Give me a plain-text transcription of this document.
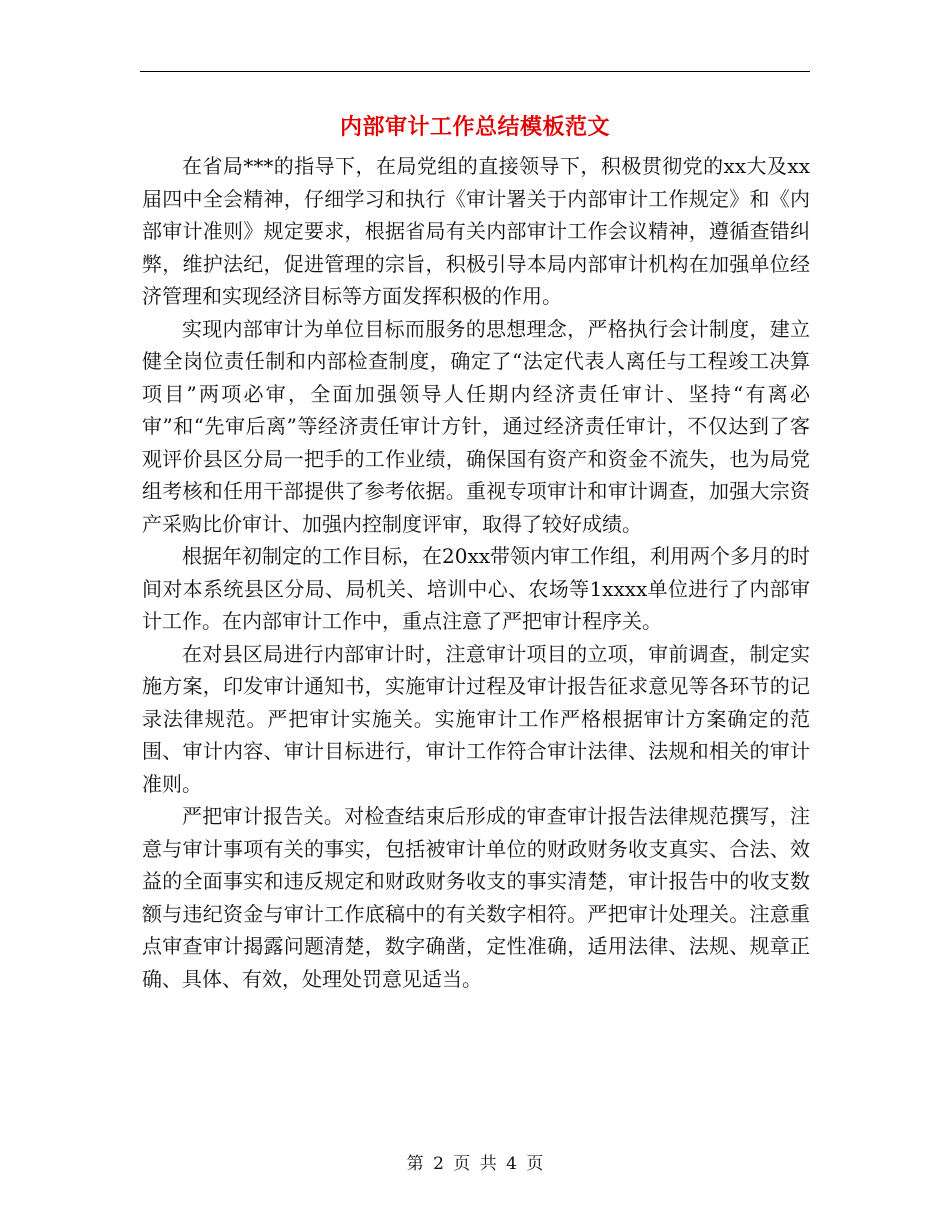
内部审计工作总结模板范文

在省局***的指导下，在局党组的直接领导下，积极贯彻党的xx大及xx届四中全会精神，仔细学习和执行《审计署关于内部审计工作规定》和《内部审计准则》规定要求，根据省局有关内部审计工作会议精神，遵循查错纠弊，维护法纪，促进管理的宗旨，积极引导本局内部审计机构在加强单位经济管理和实现经济目标等方面发挥积极的作用。

实现内部审计为单位目标而服务的思想理念，严格执行会计制度，建立健全岗位责任制和内部检查制度，确定了“法定代表人离任与工程竣工决算项目”两项必审，全面加强领导人任期内经济责任审计、坚持“有离必审”和“先审后离”等经济责任审计方针，通过经济责任审计，不仅达到了客观评价县区分局一把手的工作业绩，确保国有资产和资金不流失，也为局党组考核和任用干部提供了参考依据。重视专项审计和审计调查，加强大宗资产采购比价审计、加强内控制度评审，取得了较好成绩。

根据年初制定的工作目标，在20xx带领内审工作组，利用两个多月的时间对本系统县区分局、局机关、培训中心、农场等1xxxx单位进行了内部审计工作。在内部审计工作中，重点注意了严把审计程序关。

在对县区局进行内部审计时，注意审计项目的立项，审前调查，制定实施方案，印发审计通知书，实施审计过程及审计报告征求意见等各环节的记录法律规范。严把审计实施关。实施审计工作严格根据审计方案确定的范围、审计内容、审计目标进行，审计工作符合审计法律、法规和相关的审计准则。

严把审计报告关。对检查结束后形成的审查审计报告法律规范撰写，注意与审计事项有关的事实，包括被审计单位的财政财务收支真实、合法、效益的全面事实和违反规定和财政财务收支的事实清楚，审计报告中的收支数额与违纪资金与审计工作底稿中的有关数字相符。严把审计处理关。注意重点审查审计揭露问题清楚，数字确凿，定性准确，适用法律、法规、规章正确、具体、有效，处理处罚意见适当。

第 2 页 共 4 页
